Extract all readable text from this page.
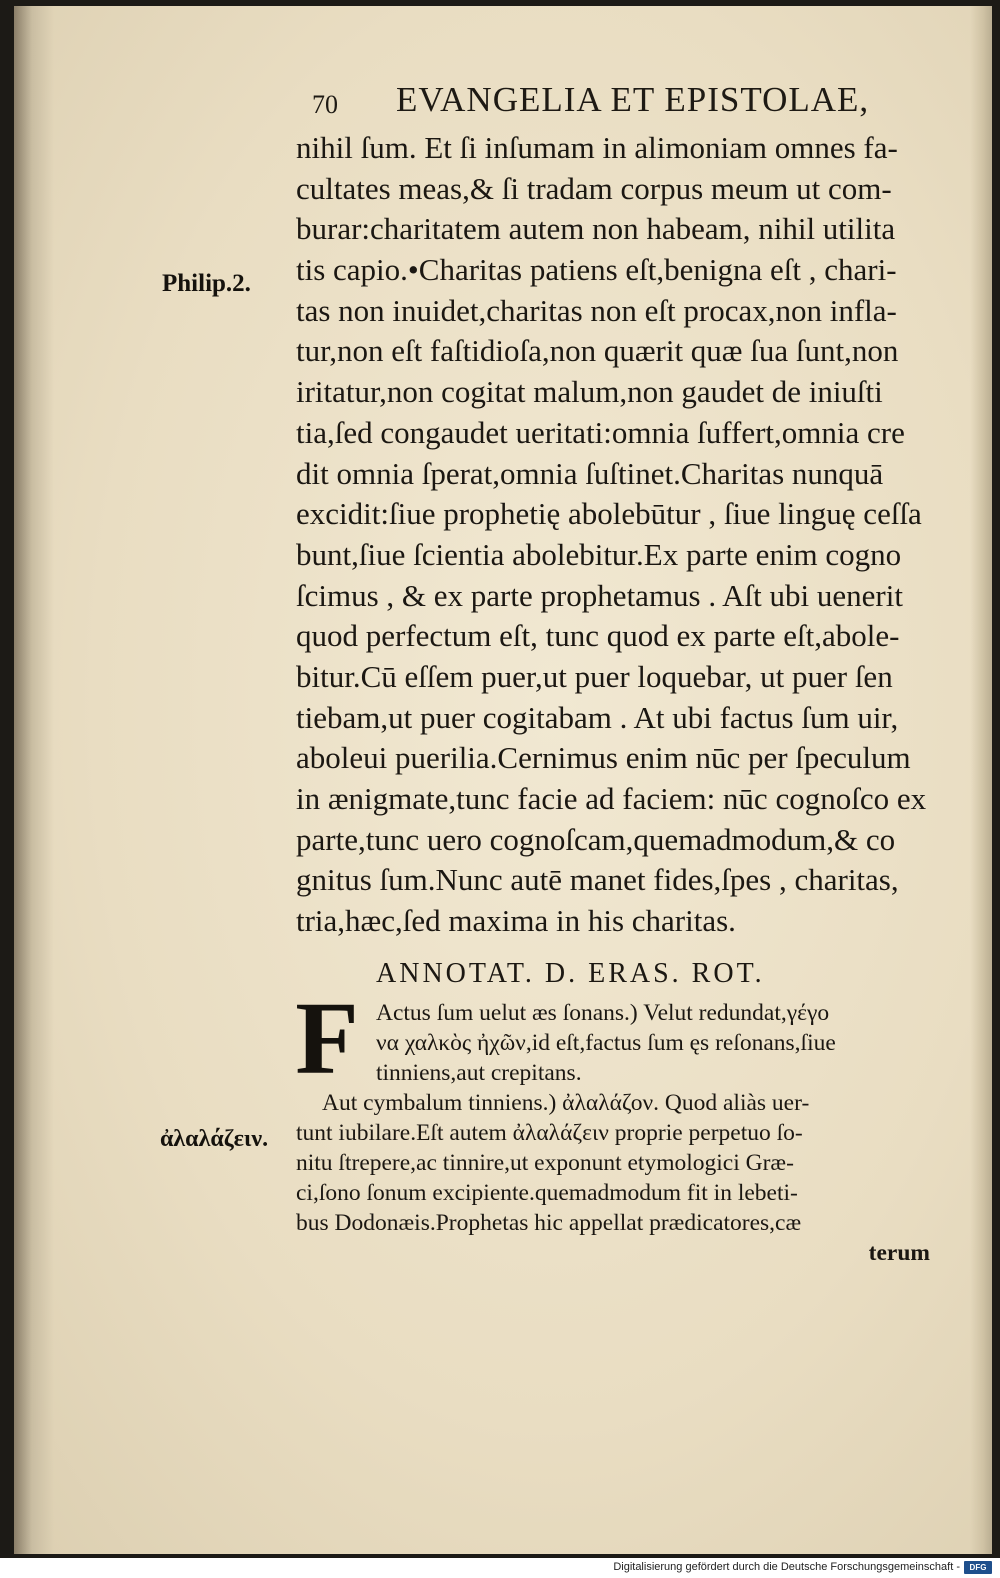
70 EVANGELIA ET EPISTOLAE,
Philip.2.
nihil ſum. Et ſi inſumam in alimoniam omnes fa-
cultates meas,& ſi tradam corpus meum ut com-
burar:charitatem autem non habeam, nihil utilita
tis capio.•Charitas patiens eſt,benigna eſt , chari-
tas non inuidet,charitas non eſt procax,non infla-
tur,non eſt faſtidioſa,non quærit quæ ſua ſunt,non
iritatur,non cogitat malum,non gaudet de iniuſti
tia,ſed congaudet ueritati:omnia ſuffert,omnia cre
dit omnia ſperat,omnia ſuſtinet.Charitas nunquā
excidit:ſiue prophetię abolebūtur , ſiue linguę ceſſa
bunt,ſiue ſcientia abolebitur.Ex parte enim cogno
ſcimus , & ex parte prophetamus . Aſt ubi uenerit
quod perfectum eſt, tunc quod ex parte eſt,abole-
bitur.Cū eſſem puer,ut puer loquebar, ut puer ſen
tiebam,ut puer cogitabam . At ubi factus ſum uir,
aboleui puerilia.Cernimus enim nūc per ſpeculum
in ænigmate,tunc facie ad faciem: nūc cognoſco ex
parte,tunc uero cognoſcam,quemadmodum,& co
gnitus ſum.Nunc autē manet fides,ſpes , charitas,
tria,hæc,ſed maxima in his charitas.
ANNOTAT. D. ERAS. ROT.
F
ἀλαλάζειν.
Actus ſum uelut æs ſonans.) Velut redundat,γέγο
να χαλκὸς ἠχῶν,id eſt,factus ſum ęs reſonans,ſiue
tinniens,aut crepitans.
Aut cymbalum tinniens.) ἀλαλάζον. Quod aliàs uer-
tunt iubilare.Eſt autem ἀλαλάζειν proprie perpetuo ſo-
nitu ſtrepere,ac tinnire,ut exponunt etymologici Græ-
ci,ſono ſonum excipiente.quemadmodum fit in lebeti-
bus Dodonæis.Prophetas hic appellat prædicatores,cæ
terum
Digitalisierung gefördert durch die Deutsche Forschungsgemeinschaft -	DFG
